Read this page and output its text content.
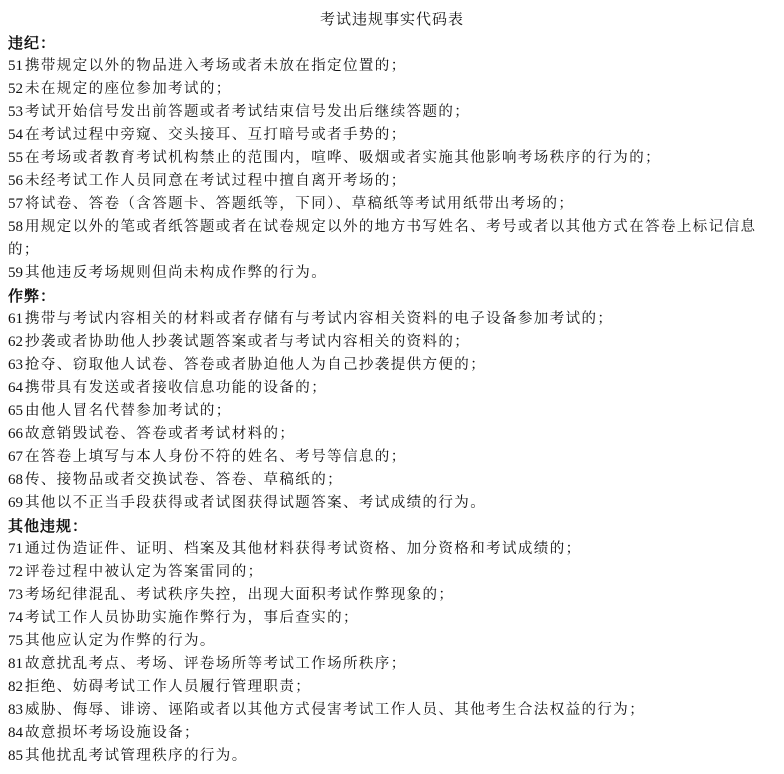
考试违规事实代码表
违纪：
51 携带规定以外的物品进入考场或者未放在指定位置的；
52 未在规定的座位参加考试的；
53 考试开始信号发出前答题或者考试结束信号发出后继续答题的；
54 在考试过程中旁窥、交头接耳、互打暗号或者手势的；
55 在考场或者教育考试机构禁止的范围内，喧哗、吸烟或者实施其他影响考场秩序的行为的；
56 未经考试工作人员同意在考试过程中擅自离开考场的；
57 将试卷、答卷（含答题卡、答题纸等，下同）、草稿纸等考试用纸带出考场的；
58 用规定以外的笔或者纸答题或者在试卷规定以外的地方书写姓名、考号或者以其他方式在答卷上标记信息的；
59 其他违反考场规则但尚未构成作弊的行为。
作弊：
61 携带与考试内容相关的材料或者存储有与考试内容相关资料的电子设备参加考试的；
62 抄袭或者协助他人抄袭试题答案或者与考试内容相关的资料的；
63 抢夺、窃取他人试卷、答卷或者胁迫他人为自己抄袭提供方便的；
64 携带具有发送或者接收信息功能的设备的；
65 由他人冒名代替参加考试的；
66 故意销毁试卷、答卷或者考试材料的；
67 在答卷上填写与本人身份不符的姓名、考号等信息的；
68 传、接物品或者交换试卷、答卷、草稿纸的；
69 其他以不正当手段获得或者试图获得试题答案、考试成绩的行为。
其他违规：
71 通过伪造证件、证明、档案及其他材料获得考试资格、加分资格和考试成绩的；
72 评卷过程中被认定为答案雷同的；
73 考场纪律混乱、考试秩序失控，出现大面积考试作弊现象的；
74 考试工作人员协助实施作弊行为，事后查实的；
75 其他应认定为作弊的行为。
81 故意扰乱考点、考场、评卷场所等考试工作场所秩序；
82 拒绝、妨碍考试工作人员履行管理职责；
83 威胁、侮辱、诽谤、诬陷或者以其他方式侵害考试工作人员、其他考生合法权益的行为；
84 故意损坏考场设施设备；
85 其他扰乱考试管理秩序的行为。
